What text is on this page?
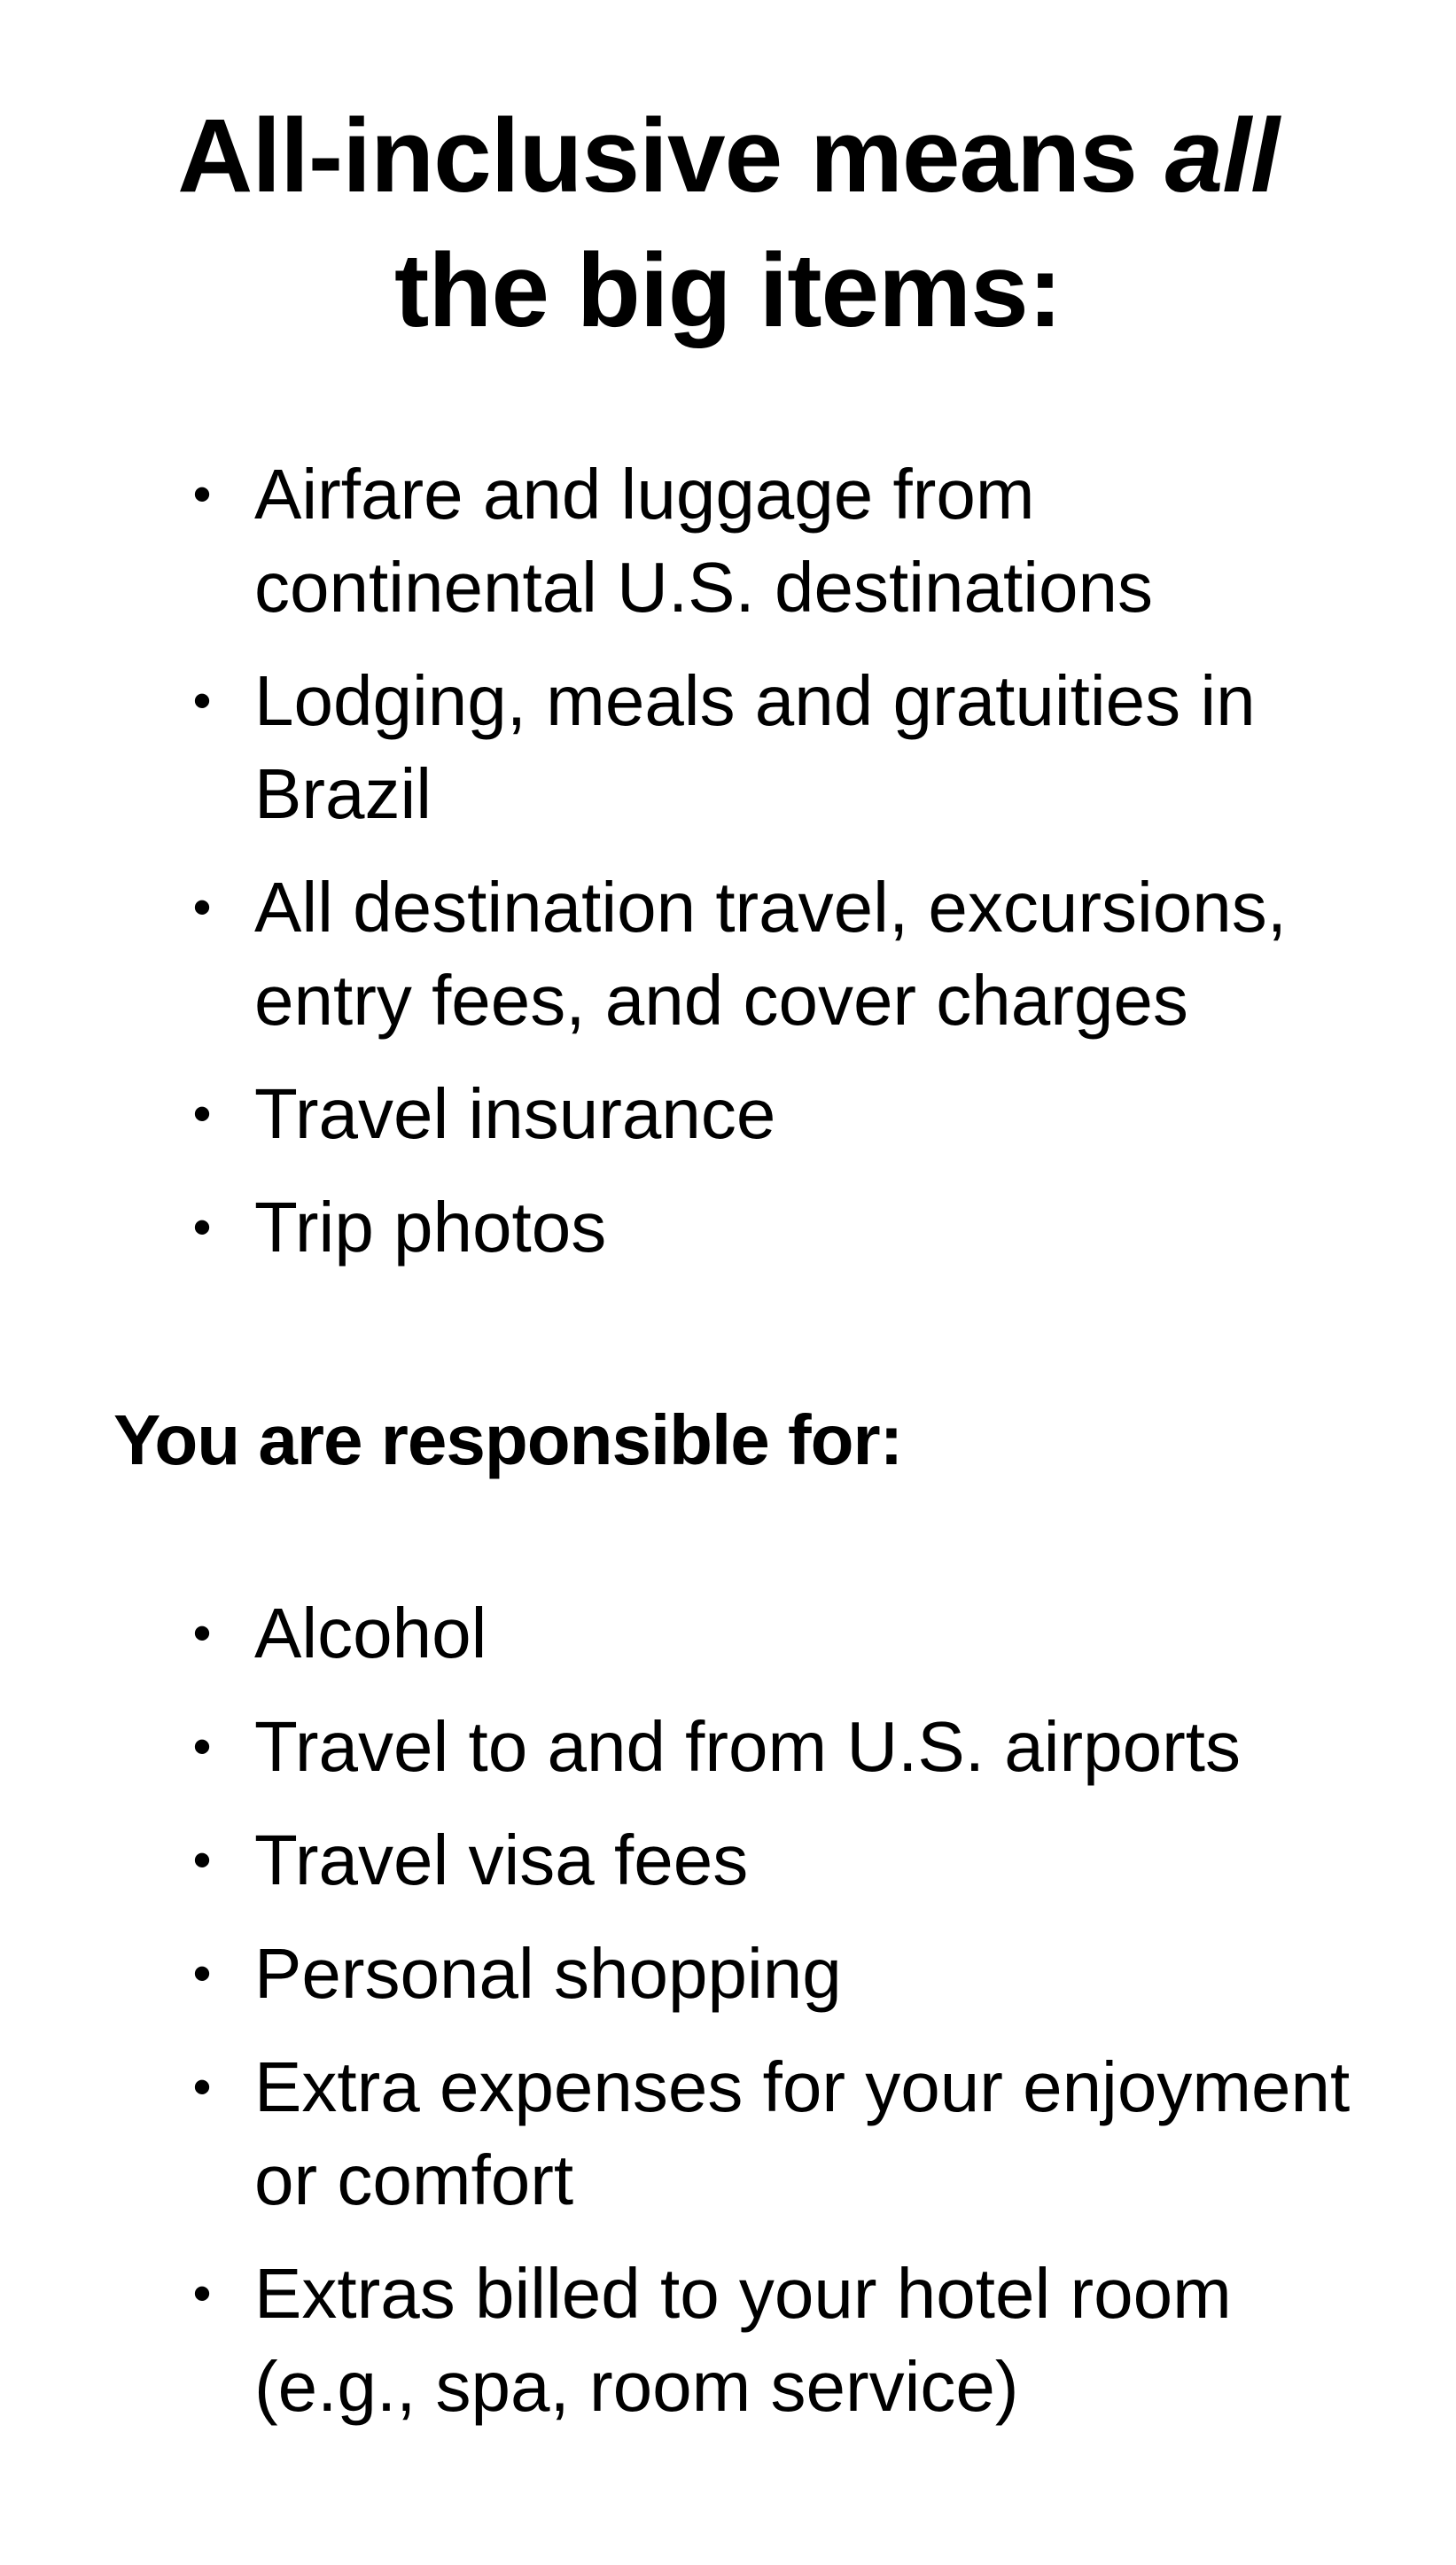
All-inclusive means all
the big items:
• Airfare and luggage from continental U.S. destinations
• Lodging, meals and gratuities in Brazil
• All destination travel, excursions, entry fees, and cover charges
• Travel insurance
• Trip photos
You are responsible for:
• Alcohol
• Travel to and from U.S. airports
• Travel visa fees
• Personal shopping
• Extra expenses for your enjoyment or comfort
• Extras billed to your hotel room (e.g., spa, room service)
